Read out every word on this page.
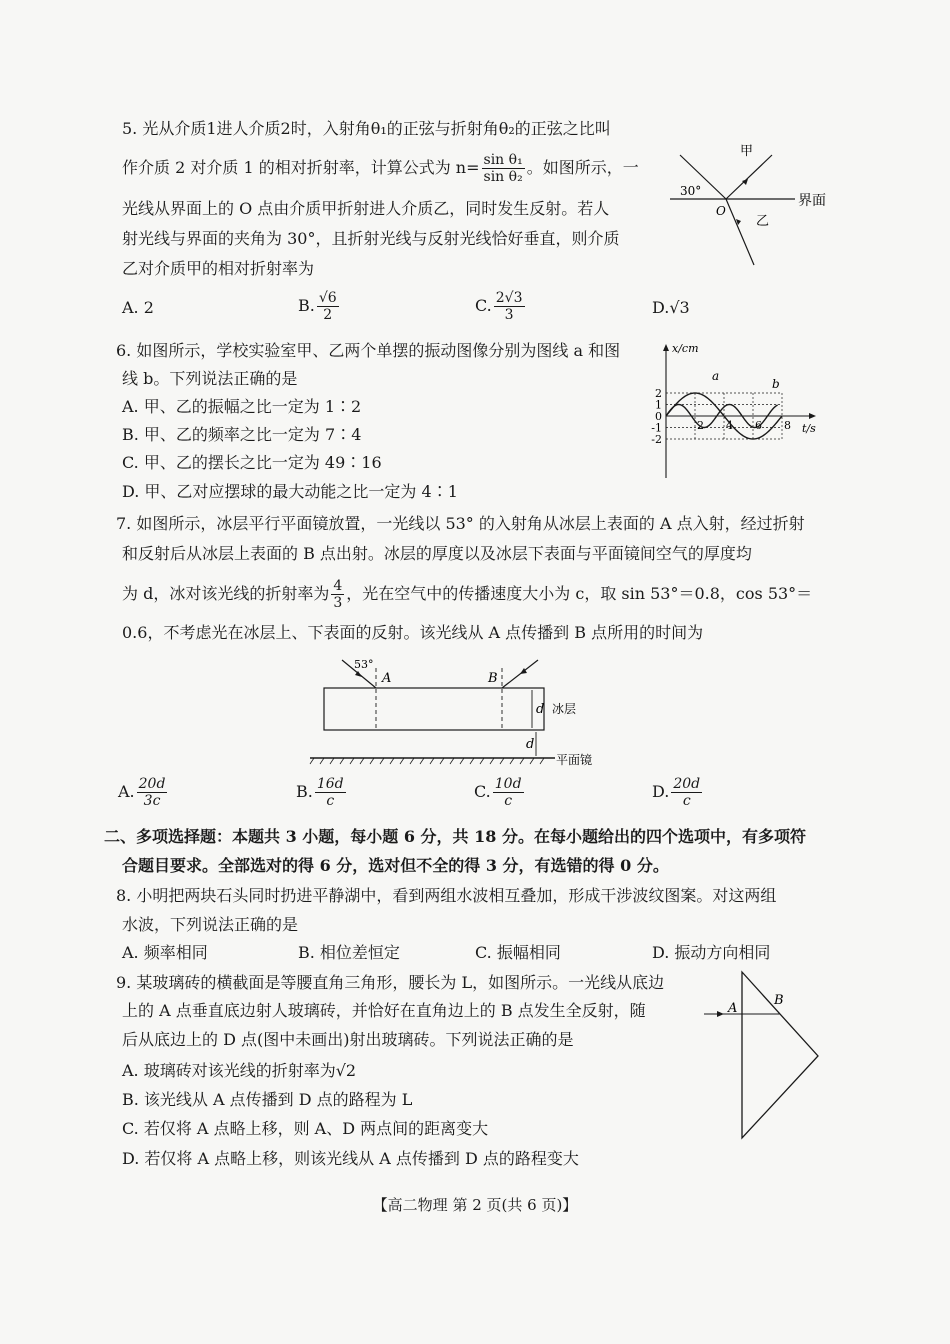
5. 光从介质1进人介质2时，入射角θ₁的正弦与折射角θ₂的正弦之比叫
作介质 2 对介质 1 的相对折射率，计算公式为 $n= \frac{\text{sin θ₁}}{\text{sin θ₂}}$ 。如图所示，一
光线从界面上的 O 点由介质甲折射进人介质乙，同时发生反射。若人
射光线与界面的夹角为 30°，且折射光线与反射光线恰好垂直，则介质
乙对介质甲的相对折射率为
A. 2	B. $\frac{√6}{2}$	C. $\frac{2√3}{3}$	D.√3
甲
乙
30°
O
界面
6. 如图所示，学校实验室甲、乙两个单摆的振动图像分别为图线 a 和图
线 b。下列说法正确的是
A. 甲、乙的振幅之比一定为 1∶2
B. 甲、乙的频率之比一定为 7∶4
C. 甲、乙的摆长之比一定为 49∶16
D. 甲、乙对应摆球的最大动能之比一定为 4∶1
x/cm
t/s
2
1
0
-1
-2
2 4 6 8
a
b
7. 如图所示，冰层平行平面镜放置，一光线以 53° 的入射角从冰层上表面的 A 点入射，经过折射
和反射后从冰层上表面的 B 点出射。冰层的厚度以及冰层下表面与平面镜间空气的厚度均
为 d，冰对该光线的折射率为 $\frac{4}{3}$ ，光在空气中的传播速度大小为 c，取 sin 53°＝0.8，cos 53°＝
0.6，不考虑光在冰层上、下表面的反射。该光线从 A 点传播到 B 点所用的时间为
53°
A	B
d 冰层
d
平面镜
A. $\frac{20d}{3c}$	B. $\frac{16d}{c}$	C. $\frac{10d}{c}$	D. $\frac{20d}{c}$
二、多项选择题：本题共 3 小题，每小题 6 分，共 18 分。在每小题给出的四个选项中，有多项符
合题目要求。全部选对的得 6 分，选对但不全的得 3 分，有选错的得 0 分。
8. 小明把两块石头同时扔进平静湖中，看到两组水波相互叠加，形成干涉波纹图案。对这两组
水波，下列说法正确的是
A. 频率相同	B. 相位差恒定	C. 振幅相同	D. 振动方向相同
9. 某玻璃砖的横截面是等腰直角三角形，腰长为 L，如图所示。一光线从底边
上的 A 点垂直底边射人玻璃砖，并恰好在直角边上的 B 点发生全反射，随
后从底边上的 D 点(图中未画出)射出玻璃砖。下列说法正确的是
A. 玻璃砖对该光线的折射率为√2
B. 该光线从 A 点传播到 D 点的路程为 L
C. 若仅将 A 点略上移，则 A、D 两点间的距离变大
D. 若仅将 A 点略上移，则该光线从 A 点传播到 D 点的路程变大
A
B
【高二物理 第 2 页(共 6 页)】
